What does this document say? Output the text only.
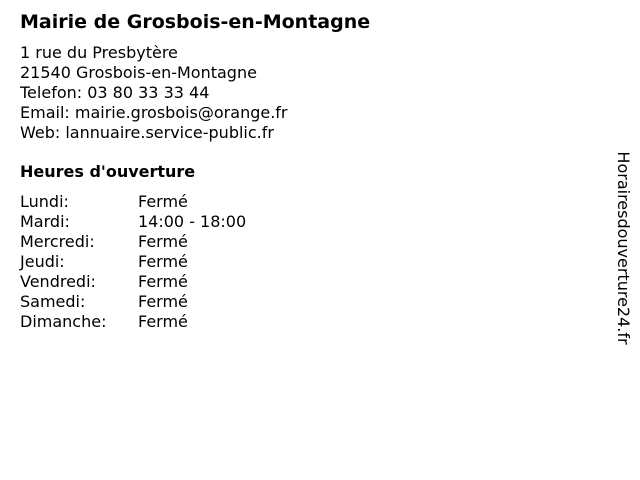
Mairie de Grosbois-en-Montagne
1 rue du Presbytère
21540 Grosbois-en-Montagne
Telefon: 03 80 33 33 44
Email: mairie.grosbois@orange.fr
Web: lannuaire.service-public.fr
Heures d'ouverture
Lundi:	Fermé
Mardi:	14:00 - 18:00
Mercredi:	Fermé
Jeudi:	Fermé
Vendredi:	Fermé
Samedi:	Fermé
Dimanche:	Fermé	Horairesdouverture24.fr
